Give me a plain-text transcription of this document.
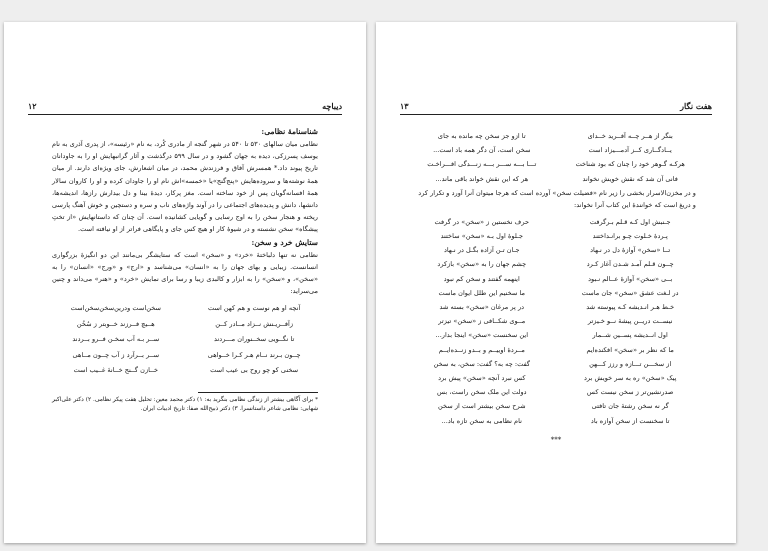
دیباچه
۱۲

شناسنامهٔ نظامی:

نظامی میان سالهای ۵۳۰ تا ۵۴۰ در شهر گنجه از مادری کُرد، به نام «رئیسه»، از پدری آذری به نام یوسف پسرزکی، دیده به جهان گشود و در سال ۵۹۹ درگذشت و آثار گرانبهایش او را به جاودانان تاریخ پیوند داد.* همسرش آفاق و فرزندش محمد، در میان اشعارش، جای ویژه‌ای دارند. از میان همهٔ نوشته‌ها و سروده‌هایش «پنج‌گنج»یا «خمسه»اش نام او را جاودان کرده و او را کاروان سالار همهٔ افسانه‌گویان پس از خود ساخته است. مغز پرکار، دیدهٔ بینا و دل بیدارش رازها، اندیشه‌ها، دانشها، دانش و پدیده‌های اجتماعی را در آوند واژه‌های ناب و سره و دستچین و خوش آهنگ پارسی ریخته و هنجار سخن را به اوج رسایی و گویایی کشانیده است. آن چنان که داستانهایش «از تختِ پیشگاه» سخن نشسته و در شیوهٔ کار او هیچ کس جای و پایگاهی فراتر از او نیافته است.

ستایش خرد و سخن:

نظامی نه تنها دلباختهٔ «خرد» و «سخن» است که ستایشگر بی‌مانند این دو انگیزهٔ بزرگواری انسانست. زیبایی و بهای جهان را به «انسان» می‌شناسد و «ارج» و «ورج» «انسان» را به «سخن»، و «سخن» را به ابزار و کالبدی زیبا و رسا برای نمایش «خرد» و «هنر» می‌داند و چنین می‌سراید:

آنچه او هم نوست و هم کهن است
سخن‌است ودرین‌سخن‌سخن‌است
زآفــریـنش نــزاد مــادر کــن
هــیچ فــرزند خــوبتر ز سُخُن
تا نگــویی سخــنوران مـــردند
ســر بـه آب سخـن فــرو بــردند
چــون بـرند نــام هـر كـرا خــواهی
ســر بــرآرد ز آب چــون مــاهی
سخنی کو چو روح بی عیب است
خــازن گــنج خــانهٔ غــیب است

* برای آگاهی بیشتر از زندگی نظامی بنگرید به: ۱) دکتر محمد معین: تحلیل هفت پیکر نظامی. ۲) دکتر علی‌اکبر شهابی: نظامی شاعر داستانسرا. ۳) دکتر ذبیح‌الله صفا: تاریخ ادبیات ایران.

هفت نگار
۱۳
بنگر از هــر چــه آفــرید خــدای
تا ازو جز سخن چه مانده به جای
یــادگــاری کــز آدمـــیزاد است
سخن است، آن دگر همه باد است...
هرکـه گـوهر خود را چنان که بود شناخت
تـــا بـــه ســـر بـــه زنـــدگی افـــراخـت
فانی آن شد که نقش خویش نخواند
هر که این نقش خواند باقی ماند...

و در مخزن‌الاسرار بخشی را زیر نام «فضیلت سخن» آورده است که هرجا میتوان آنرا آورد و تکرار کرد و دریغ است که خوانندهٔ این کتاب آنرا نخواند:

جـنبش اول کـه قـلم بـرگرفت
حرف نخستین ز «سخن» در گرفت
پـردهٔ خـلوت چـو برانـداختند
جـلوهٔ اول بـه «سخن» ساختند
تــا «سخن» آوازهٔ دل در نـهاد
جـان تـن آزاده بگـل در نـهاد
چــون قـلم آمـد شـدن آغاز کـرد
چشم جهان را به «سخن» بازکرد
بــی «سخن» آوازهٔ عــالم نـبود
اینهمه گفتند و سخن کم نبود
در لـغت عشق «سخن» جان ماست
ما سخنیم این طلل ایوان ماست
خـط هـر انـدیشه کـه پیوسته شد
در پر مرغان «سخن» بسته شد
نیســت دریــن پیشهٔ نــو خـیزتر
مــوی شکــافی ز «سخن» تیزتر
اول انــدیشه پســین شــمار
این سخنست «سخن» اینجا بدار...
ما که نظر بر «سخن» افکنده‌ایم
مــردهٔ اوییــم و بــدو زنــده‌ایــم
از سخـــن تـــازه و رزز کـــهن
گفت: چه به؟ گفت: سخن، به سخن
پیک «سخن» ره به سر خویش برد
کس نبرد آنچه «سخن» پیش برد
صدرنشین‌تر ز سخن نیست کس
دولت این ملک سخن راست، بس
گر نه سخن رشتهٔ جان تافتی
شرح سخن بیشتر است از سخن
تا سخنست از سخن آوازه باد
نام نظامی به سخن تازه باد...
***
